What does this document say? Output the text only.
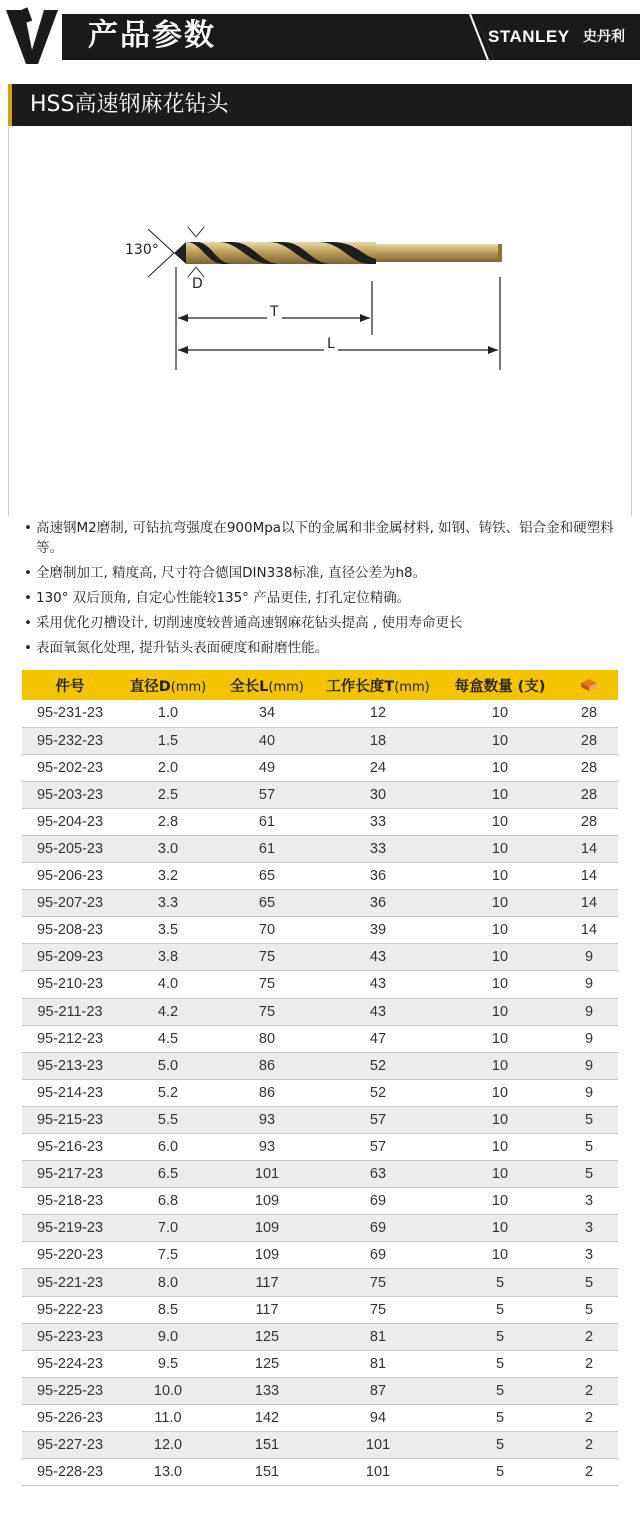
产品参数	STANLEY 史丹利
HSS高速钢麻花钻头
130°
D
T
L
• 高速钢M2磨制, 可钻抗弯强度在900Mpa以下的金属和非金属材料, 如钢、铸铁、铝合金和硬塑料等。
• 全磨制加工, 精度高, 尺寸符合德国DIN338标准, 直径公差为h8。
• 130° 双后顶角, 自定心性能较135° 产品更佳, 打孔定位精确。
• 采用优化刃槽设计, 切削速度较普通高速钢麻花钻头提高 , 使用寿命更长
• 表面氧氮化处理, 提升钻头表面硬度和耐磨性能。
件号	直径D(mm)	全长L(mm)	工作长度T(mm)	每盒数量 (支)	
95-231-23	1.0	34	12	10	28
95-232-23	1.5	40	18	10	28
95-202-23	2.0	49	24	10	28
95-203-23	2.5	57	30	10	28
95-204-23	2.8	61	33	10	28
95-205-23	3.0	61	33	10	14
95-206-23	3.2	65	36	10	14
95-207-23	3.3	65	36	10	14
95-208-23	3.5	70	39	10	14
95-209-23	3.8	75	43	10	9
95-210-23	4.0	75	43	10	9
95-211-23	4.2	75	43	10	9
95-212-23	4.5	80	47	10	9
95-213-23	5.0	86	52	10	9
95-214-23	5.2	86	52	10	9
95-215-23	5.5	93	57	10	5
95-216-23	6.0	93	57	10	5
95-217-23	6.5	101	63	10	5
95-218-23	6.8	109	69	10	3
95-219-23	7.0	109	69	10	3
95-220-23	7.5	109	69	10	3
95-221-23	8.0	117	75	5	5
95-222-23	8.5	117	75	5	5
95-223-23	9.0	125	81	5	2
95-224-23	9.5	125	81	5	2
95-225-23	10.0	133	87	5	2
95-226-23	11.0	142	94	5	2
95-227-23	12.0	151	101	5	2
95-228-23	13.0	151	101	5	2
